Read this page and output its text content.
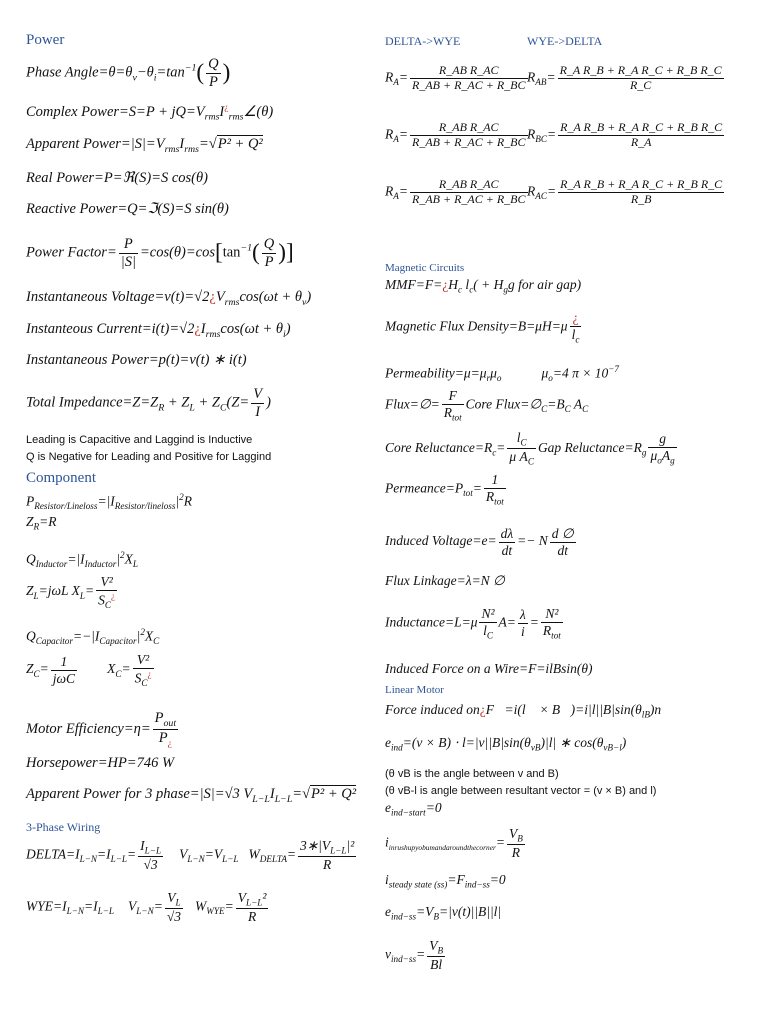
Power
Phase $Angle=\theta=\theta_v-\theta_i=\tan^{-1}( \frac{Q}{P}$ )
Complex Power=S=P + $jQ=V_{rms}I^¿_{rms}\angle(\theta)$
Apparent $Power=|S|=V_{rms}I_{rms}=√P^2 + Q^2$
Real Power=P=ℜ(S)=S cos(θ)
Reactive Power=Q=ℑ(S)=S sin(θ)
Power Factor= $\frac{P}{|S|} =\cos(\theta)=\cos[\tan^{-1}( \frac{Q}{P}$ )]
Instantaneous $Voltage=v(t)=√2¿V_{rms}\cos(\omega t + \theta_v)$
Instanteous $Current=i(t)=√2¿I_{rms}\cos(\omega t + \theta_i)$
Instantaneous Power=p(t)=v(t) ∗ i(t)
Total $Impedance=Z=Z_R + Z_L + Z_C(Z= \frac{V}{I}$ )
Leading is Capacitive and Laggind is Inductive
Q is Negative for Leading and Positive for Laggind
Component
$P_{Resistor/Lineloss}=|I_{Resistor/lineloss}|^2R$
$Z_R=R$
$Q_{Inductor}=|I_{Inductor}|^2X_L$
$Z_L=j\omega L$ $X_L= \frac{\text{V²}}{S_C^¿}$
$Q_{Capacitor}=-|I_{Capacitor}|^2X_C$
$Z_C= \frac{1}{\text{jωC}} X_C= \frac{\text{V²}}{S_C^¿}$
Motor Efficiency=η= $\frac{P_{out}}{P_¿}$
Horsepower=HP=746 W
Apparent Power for 3 phase=|S|=√3 $V_{L-L}I_{L-L}=√P^2 + Q^2$
3-Phase Wiring
$DELTA=I_{L-N}=I_{L-L}= \frac{I_{L-L}}{√3} V_{L-N}=V_{L-L}$ $W_{DELTA}= \frac{3∗|V_{L-L}|^2}{R}$
$WYE=I_{L-N}=I_{L-L}$ $V_{L-N}= \frac{V_L}{√3} W_{WYE}= \frac{V_{L-L}^2}{R}$
DELTA->WYE	WYE->DELTA
$R_A= \frac{\text{R\_AB R\_AC}}{R\_AB + R\_AC + R\_BC} R_{AB}= \frac{\text{R\_A R\_B + R\_A R\_C + R\_B R\_C}}{R\_C}$
$R_A= \frac{\text{R\_AB R\_AC}}{R\_AB + R\_AC + R\_BC} R_{BC}= \frac{\text{R\_A R\_B + R\_A R\_C + R\_B R\_C}}{R\_A}$
$R_A= \frac{\text{R\_AB R\_AC}}{R\_AB + R\_AC + R\_BC} R_{AC}= \frac{\text{R\_A R\_B + R\_A R\_C + R\_B R\_C}}{R\_B}$
Magnetic Circuits
$MMF=F=¿H_c$ $l_c( + H_gg$ for air gap)
Magnetic Flux Density=B=μH=μ $\frac{¿}{l_c}$
$Permeability=\mu=\mu_r\mu_o$	$\mu_o=4$ $\pi \times 10^{-7}$
Flux=∅= $\frac{F}{R_{tot}}$ Core $Flux=\emptyset_C=B_C$ $A_C$
Core $Reluctance=R_c= \frac{l_C}{\mu A_C}$ Gap $Reluctance=R_g \frac{g}{\mu_oA_g}$
$Permeance=P_{tot}= \frac{1}{R_{tot}}$
Induced Voltage=e= $\frac{d\lambda}{dt} =- N \frac{d \emptyset}{dt}$
Flux Linkage=λ=N ∅
Inductance=L=μ $\frac{\text{N²}}{l_C} A= \frac{\lambda}{i} = \frac{\text{N²}}{R_{tot}}$
Induced Force on a Wire=F=ilBsin(θ)
Linear Motor
Force induced on¿F⃗=i(l⃗ × $B⃗)=i|l||B|\sin(\theta_{lB})n⃗$
$e_{ind}=(v \times B) \cdot l=|v||B|\sin(\theta_{vB})|l|$ ∗ $\cos(\theta_{vB-l})$
(θ vB is the angle between v and B)
(θ vB-l is angle between resultant vector = (v × B) and l)
$e_{ind-start}=0$
$i_{inrushupyobumandaroundthecorner}= \frac{V_B}{R}$
$i_{steady state (ss)}=F_{ind-ss}=0$
$e_{ind-ss}=V_B=|v(t)||B||l|$
$v_{ind-ss}= \frac{V_B}{Bl}$
